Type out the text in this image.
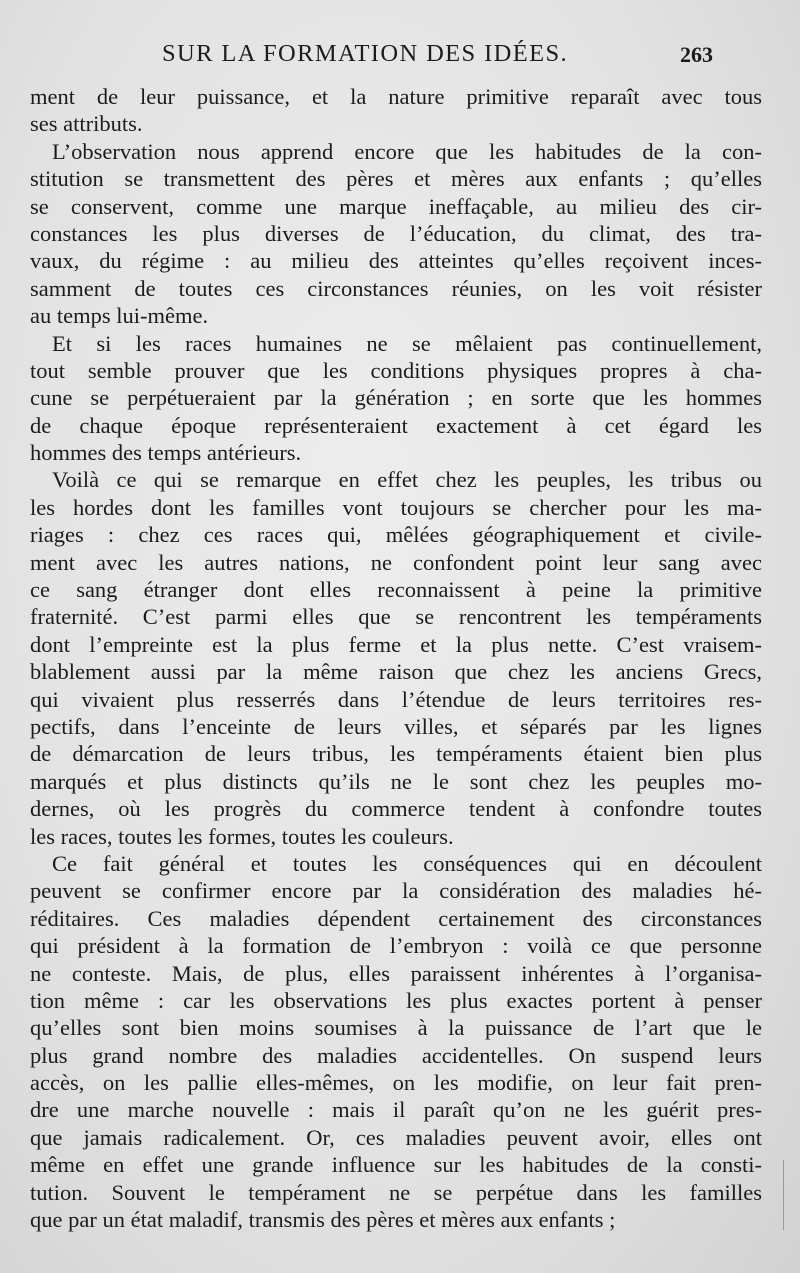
SUR LA FORMATION DES IDÉES.	263
ment de leur puissance, et la nature primitive reparaît avec tous
ses attributs.
L’observation nous apprend encore que les habitudes de la con-
stitution se transmettent des pères et mères aux enfants ; qu’elles
se conservent, comme une marque ineffaçable, au milieu des cir-
constances les plus diverses de l’éducation, du climat, des tra-
vaux, du régime : au milieu des atteintes qu’elles reçoivent inces-
samment de toutes ces circonstances réunies, on les voit résister
au temps lui-même.
Et si les races humaines ne se mêlaient pas continuellement,
tout semble prouver que les conditions physiques propres à cha-
cune se perpétueraient par la génération ; en sorte que les hommes
de chaque époque représenteraient exactement à cet égard les
hommes des temps antérieurs.
Voilà ce qui se remarque en effet chez les peuples, les tribus ou
les hordes dont les familles vont toujours se chercher pour les ma-
riages : chez ces races qui, mêlées géographiquement et civile-
ment avec les autres nations, ne confondent point leur sang avec
ce sang étranger dont elles reconnaissent à peine la primitive
fraternité. C’est parmi elles que se rencontrent les tempéraments
dont l’empreinte est la plus ferme et la plus nette. C’est vraisem-
blablement aussi par la même raison que chez les anciens Grecs,
qui vivaient plus resserrés dans l’étendue de leurs territoires res-
pectifs, dans l’enceinte de leurs villes, et séparés par les lignes
de démarcation de leurs tribus, les tempéraments étaient bien plus
marqués et plus distincts qu’ils ne le sont chez les peuples mo-
dernes, où les progrès du commerce tendent à confondre toutes
les races, toutes les formes, toutes les couleurs.
Ce fait général et toutes les conséquences qui en découlent
peuvent se confirmer encore par la considération des maladies hé-
réditaires. Ces maladies dépendent certainement des circonstances
qui président à la formation de l’embryon : voilà ce que personne
ne conteste. Mais, de plus, elles paraissent inhérentes à l’organisa-
tion même : car les observations les plus exactes portent à penser
qu’elles sont bien moins soumises à la puissance de l’art que le
plus grand nombre des maladies accidentelles. On suspend leurs
accès, on les pallie elles-mêmes, on les modifie, on leur fait pren-
dre une marche nouvelle : mais il paraît qu’on ne les guérit pres-
que jamais radicalement. Or, ces maladies peuvent avoir, elles ont
même en effet une grande influence sur les habitudes de la consti-
tution. Souvent le tempérament ne se perpétue dans les familles
que par un état maladif, transmis des pères et mères aux enfants ;
